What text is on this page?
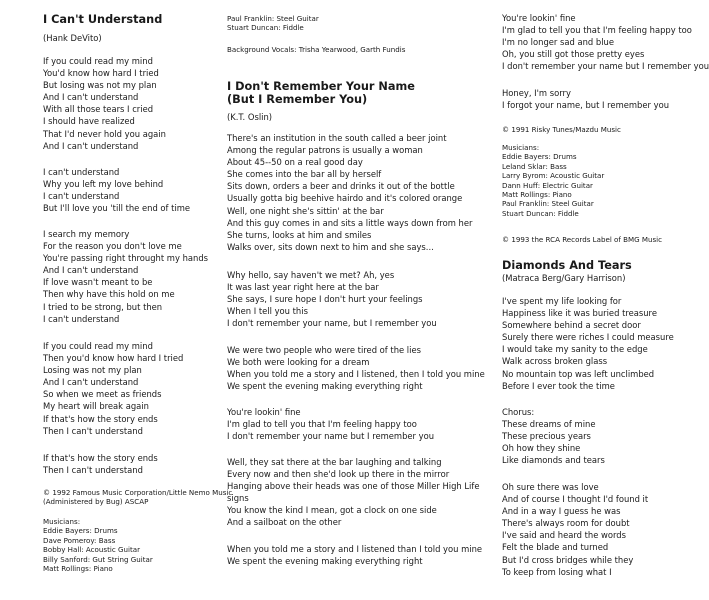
I Can't Understand
(Hank DeVito)
If you could read my mind
You'd know how hard I tried
But losing was not my plan
And I can't understand
With all those tears I cried
I should have realized
That I'd never hold you again
And I can't understand
I can't understand
Why you left my love behind
I can't understand
But I'll love you 'till the end of time
I search my memory
For the reason you don't love me
You're passing right throught my hands
And I can't understand
If love wasn't meant to be
Then why have this hold on me
I tried to be strong, but then
I can't understand
If you could read my mind
Then you'd know how hard I tried
Losing was not my plan
And I can't understand
So when we meet as friends
My heart will break again
If that's how the story ends
Then I can't understand
If that's how the story ends
Then I can't understand
© 1992 Famous Music Corporation/Little Nemo Music
(Administered by Bug) ASCAP
Musicians:
Eddie Bayers: Drums
Dave Pomeroy: Bass
Bobby Hall: Acoustic Guitar
Billy Sanford: Gut String Guitar
Matt Rollings: Piano
Paul Franklin: Steel Guitar
Stuart Duncan: Fiddle
Background Vocals: Trisha Yearwood, Garth Fundis
I Don't Remember Your Name
(But I Remember You)
(K.T. Oslin)
There's an institution in the south called a beer joint
Among the regular patrons is usually a woman
About 45--50 on a real good day
She comes into the bar all by herself
Sits down, orders a beer and drinks it out of the bottle
Usually gotta big beehive hairdo and it's colored orange
Well, one night she's sittin' at the bar
And this guy comes in and sits a little ways down from her
She turns, looks at him and smiles
Walks over, sits down next to him and she says...
Why hello, say haven't we met? Ah, yes
It was last year right here at the bar
She says, I sure hope I don't hurt your feelings
When I tell you this
I don't remember your name, but I remember you
We were two people who were tired of the lies
We both were looking for a dream
When you told me a story and I listened, then I told you mine
We spent the evening making everything right
You're lookin' fine
I'm glad to tell you that I'm feeling happy too
I don't remember your name but I remember you
Well, they sat there at the bar laughing and talking
Every now and then she'd look up there in the mirror
Hanging above their heads was one of those Miller High Life
signs
You know the kind I mean, got a clock on one side
And a sailboat on the other
When you told me a story and I listened than I told you mine
We spent the evening making everything right
You're lookin' fine
I'm glad to tell you that I'm feeling happy too
I'm no longer sad and blue
Oh, you still got those pretty eyes
I don't remember your name but I remember you
Honey, I'm sorry
I forgot your name, but I remember you
© 1991 Risky Tunes/Mazdu Music
Musicians:
Eddie Bayers: Drums
Leland Sklar: Bass
Larry Byrom: Acoustic Guitar
Dann Huff: Electric Guitar
Matt Rollings: Piano
Paul Franklin: Steel Guitar
Stuart Duncan: Fiddle
© 1993 the RCA Records Label of BMG Music
Diamonds And Tears
(Matraca Berg/Gary Harrison)
I've spent my life looking for
Happiness like it was buried treasure
Somewhere behind a secret door
Surely there were riches I could measure
I would take my sanity to the edge
Walk across broken glass
No mountain top was left unclimbed
Before I ever took the time
Chorus:
These dreams of mine
These precious years
Oh how they shine
Like diamonds and tears
Oh sure there was love
And of course I thought I'd found it
And in a way I guess he was
There's always room for doubt
I've said and heard the words
Felt the blade and turned
But I'd cross bridges while they
To keep from losing what I
